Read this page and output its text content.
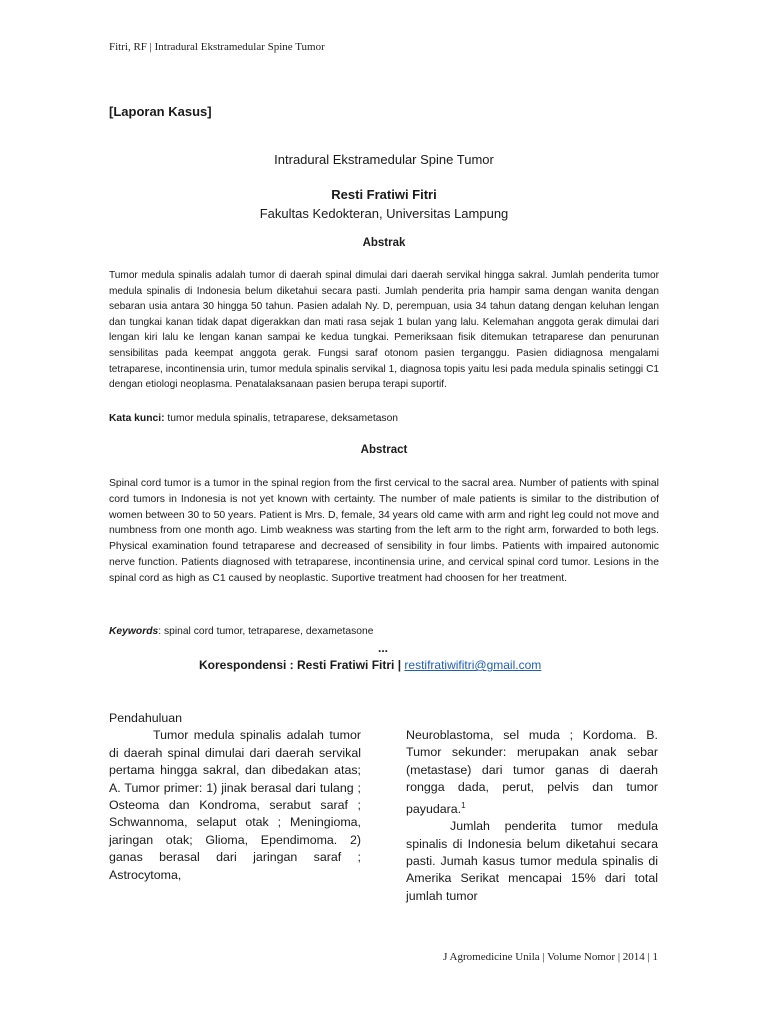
Fitri, RF | Intradural Ekstramedular Spine Tumor
[Laporan Kasus]
Intradural Ekstramedular Spine Tumor
Resti Fratiwi Fitri
Fakultas Kedokteran, Universitas Lampung
Abstrak
Tumor medula spinalis adalah tumor di daerah spinal dimulai dari daerah servikal hingga sakral. Jumlah penderita tumor medula spinalis di Indonesia belum diketahui secara pasti. Jumlah penderita pria hampir sama dengan wanita dengan sebaran usia antara 30 hingga 50 tahun. Pasien adalah Ny. D, perempuan, usia 34 tahun datang dengan keluhan lengan dan tungkai kanan tidak dapat digerakkan dan mati rasa sejak 1 bulan yang lalu. Kelemahan anggota gerak dimulai dari lengan kiri lalu ke lengan kanan sampai ke kedua tungkai. Pemeriksaan fisik ditemukan tetraparese dan penurunan sensibilitas pada keempat anggota gerak. Fungsi saraf otonom pasien terganggu. Pasien didiagnosa mengalami tetraparese, incontinensia urin, tumor medula spinalis servikal 1, diagnosa topis yaitu lesi pada medula spinalis setinggi C1 dengan etiologi neoplasma. Penatalaksanaan pasien berupa terapi suportif.
Kata kunci: tumor medula spinalis, tetraparese, deksametason
Abstract
Spinal cord tumor is a tumor in the spinal region from the first cervical to the sacral area. Number of patients with spinal cord tumors in Indonesia is not yet known with certainty. The number of male patients is similar to the distribution of women between 30 to 50 years. Patient is Mrs. D, female, 34 years old came with arm and right leg could not move and numbness from one month ago. Limb weakness was starting from the left arm to the right arm, forwarded to both legs. Physical examination found tetraparese and decreased of sensibility in four limbs. Patients with impaired autonomic nerve function. Patients diagnosed with tetraparese, incontinensia urine, and cervical spinal cord tumor. Lesions in the spinal cord as high as C1 caused by neoplastic. Suportive treatment had choosen for her treatment.
Keywords: spinal cord tumor, tetraparese, dexametasone
...
Korespondensi : Resti Fratiwi Fitri | restifratiwifitri@gmail.com
Pendahuluan

Tumor medula spinalis adalah tumor di daerah spinal dimulai dari daerah servikal pertama hingga sakral, dan dibedakan atas; A. Tumor primer: 1) jinak berasal dari tulang ; Osteoma dan Kondroma, serabut saraf ; Schwannoma, selaput otak ; Meningioma, jaringan otak; Glioma, Ependimoma. 2) ganas berasal dari jaringan saraf ; Astrocytoma,

Neuroblastoma, sel muda ; Kordoma. B. Tumor sekunder: merupakan anak sebar (metastase) dari tumor ganas di daerah rongga dada, perut, pelvis dan tumor payudara.$^1$

Jumlah penderita tumor medula spinalis di Indonesia belum diketahui secara pasti. Jumah kasus tumor medula spinalis di Amerika Serikat mencapai 15% dari total jumlah tumor

J Agromedicine Unila | Volume Nomor | 2014 | 1
